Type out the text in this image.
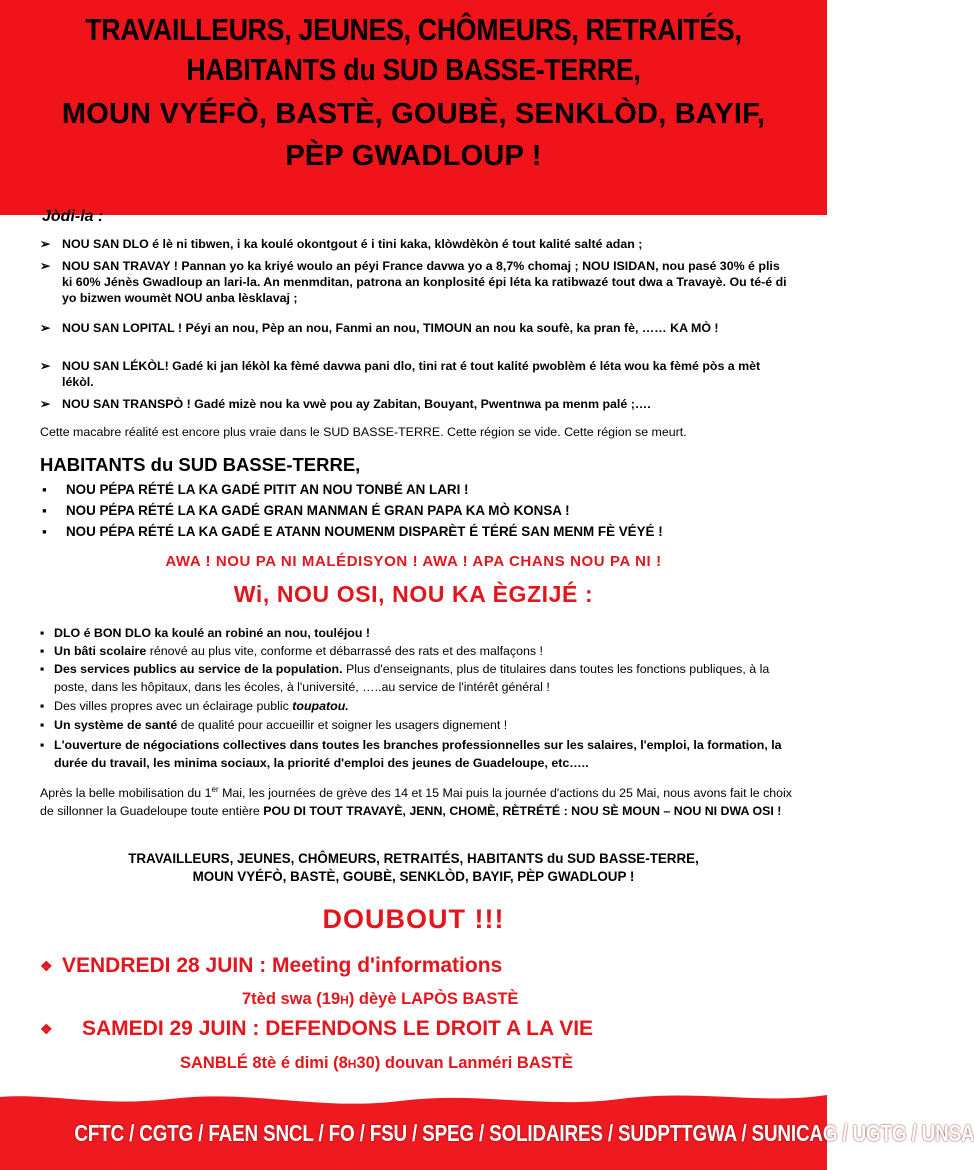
TRAVAILLEURS, JEUNES, CHÔMEURS, RETRAITÉS,
HABITANTS du SUD BASSE-TERRE,
MOUN VYÉFÒ, BASTÈ, GOUBÈ, SENKLÒD, BAYIF,
PÈP GWADLOUP !
Jòdi-la :
➢ NOU SAN DLO é lè ni tibwen, i ka koulé okontgout é i tini kaka, klòwdèkòn é tout kalité salté adan ;
➢ NOU SAN TRAVAY ! Pannan yo ka kriyé woulo an péyi France davwa yo a 8,7% chomaj ; NOU ISIDAN, nou pasé 30% é plis ki 60% Jénès Gwadloup an lari-la. An menmditan, patrona an konplosité épi léta ka ratibwazé tout dwa a Travayè. Ou té-é di yo bizwen woumèt NOU anba lèsklavaj ;
➢ NOU SAN LOPITAL ! Péyi an nou, Pèp an nou, Fanmi an nou, TIMOUN an nou ka soufè, ka pran fè, …… KA MÒ !
➢ NOU SAN LÉKÒL! Gadé ki jan lékòl ka fèmé davwa pani dlo, tini rat é tout kalité pwoblèm é léta wou ka fèmé pòs a mèt lékòl.
➢ NOU SAN TRANSPÒ ! Gadé mizè nou ka vwè pou ay Zabitan, Bouyant, Pwentnwa pa menm palé ;….
Cette macabre réalité est encore plus vraie dans le SUD BASSE-TERRE. Cette région se vide. Cette région se meurt.
HABITANTS du SUD BASSE-TERRE,
▪ NOU PÉPA RÉTÉ LA KA GADÉ PITIT AN NOU TONBÉ AN LARI !
▪ NOU PÉPA RÉTÉ LA KA GADÉ GRAN MANMAN É GRAN PAPA KA MÒ KONSA !
▪ NOU PÉPA RÉTÉ LA KA GADÉ E ATANN NOUMENM DISPARÈT É TÉRÉ SAN MENM FÈ VÉYÉ !
AWA ! NOU PA NI MALÉDISYON ! AWA ! APA CHANS NOU PA NI !
Wi, NOU OSI, NOU KA ÈGZIJÉ :
▪ DLO é BON DLO ka koulé an robiné an nou, touléjou !
▪ Un bâti scolaire rénové au plus vite, conforme et débarrassé des rats et des malfaçons !
▪ Des services publics au service de la population. Plus d'enseignants, plus de titulaires dans toutes les fonctions publiques, à la poste, dans les hôpitaux, dans les écoles, à l'université, …..au service de l'intérêt général !
▪ Des villes propres avec un éclairage public toupatou.
▪ Un système de santé de qualité pour accueillir et soigner les usagers dignement !
▪ L'ouverture de négociations collectives dans toutes les branches professionnelles sur les salaires, l'emploi, la formation, la durée du travail, les minima sociaux, la priorité d'emploi des jeunes de Guadeloupe, etc…..
Après la belle mobilisation du 1er Mai, les journées de grève des 14 et 15 Mai puis la journée d'actions du 25 Mai, nous avons fait le choix de sillonner la Guadeloupe toute entière POU DI TOUT TRAVAYÈ, JENN, CHOMÈ, RÈTRÉTÉ : NOU SÈ MOUN – NOU NI DWA OSI !
TRAVAILLEURS, JEUNES, CHÔMEURS, RETRAITÉS, HABITANTS du SUD BASSE-TERRE,
MOUN VYÉFÒ, BASTÈ, GOUBÈ, SENKLÒD, BAYIF, PÈP GWADLOUP !
DOUBOUT !!!
❖ VENDREDI 28 JUIN : Meeting d'informations
7tèd swa (19H) dèyè LAPÒS BASTÈ
❖ SAMEDI 29 JUIN : DEFENDONS LE DROIT A LA VIE
SANBLÉ 8tè é dimi (8H30) douvan Lanméri BASTÈ
CFTC / CGTG / FAEN SNCL / FO / FSU / SPEG / SOLIDAIRES / SUDPTTGWA / SUNICAG / UGTG / UNSA
